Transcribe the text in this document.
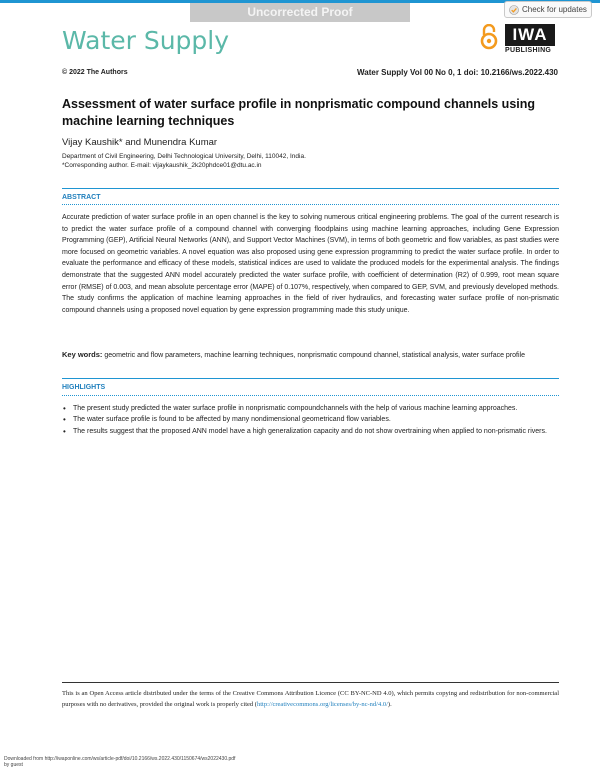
Uncorrected Proof	Check for updates
Water Supply	IWA
PUBLISHING
© 2022 The Authors	Water Supply Vol 00 No 0, 1 doi: 10.2166/ws.2022.430
Assessment of water surface profile in nonprismatic compound channels using machine learning techniques
Vijay Kaushik* and Munendra Kumar
Department of Civil Engineering, Delhi Technological University, Delhi, 110042, India.
*Corresponding author. E-mail: vijaykaushik_2k20phdce01@dtu.ac.in
ABSTRACT

Accurate prediction of water surface profile in an open channel is the key to solving numerous critical engineering problems. The goal of the current research is to predict the water surface profile of a compound channel with converging floodplains using machine learning approaches, including Gene Expression Programming (GEP), Artificial Neural Networks (ANN), and Support Vector Machines (SVM), in terms of both geometric and flow variables, as past studies were more focused on geometric variables. A novel equation was also proposed using gene expression programming to predict the water surface profile. In order to evaluate the performance and efficacy of these models, statistical indices are used to validate the produced models for the experimental analysis. The findings demonstrate that the suggested ANN model accurately predicted the water surface profile, with coefficient of determination (R2) of 0.999, root mean square error (RMSE) of 0.003, and mean absolute percentage error (MAPE) of 0.107%, respectively, when compared to GEP, SVM, and previously developed methods. The study confirms the application of machine learning approaches in the field of river hydraulics, and forecasting water surface profile of non-prismatic compound channels using a proposed novel equation by gene expression programming made this study unique.

Key words: geometric and flow parameters, machine learning techniques, nonprismatic compound channel, statistical analysis, water surface profile
HIGHLIGHTS
• The present study predicted the water surface profile in nonprismatic compoundchannels with the help of various machine learning approaches.
• The water surface profile is found to be affected by many nondimensional geometricand flow variables.
• The results suggest that the proposed ANN model have a high generalization capacity and do not show overtraining when applied to non-prismatic rivers.
This is an Open Access article distributed under the terms of the Creative Commons Attribution Licence (CC BY-NC-ND 4.0), which permits copying and redistribution for non-commercial purposes with no derivatives, provided the original work is properly cited (http://creativecommons.org/licenses/by-nc-nd/4.0/).
Downloaded from http://iwaponline.com/ws/article-pdf/doi/10.2166/ws.2022.430/1150674/ws2022430.pdf
by guest
